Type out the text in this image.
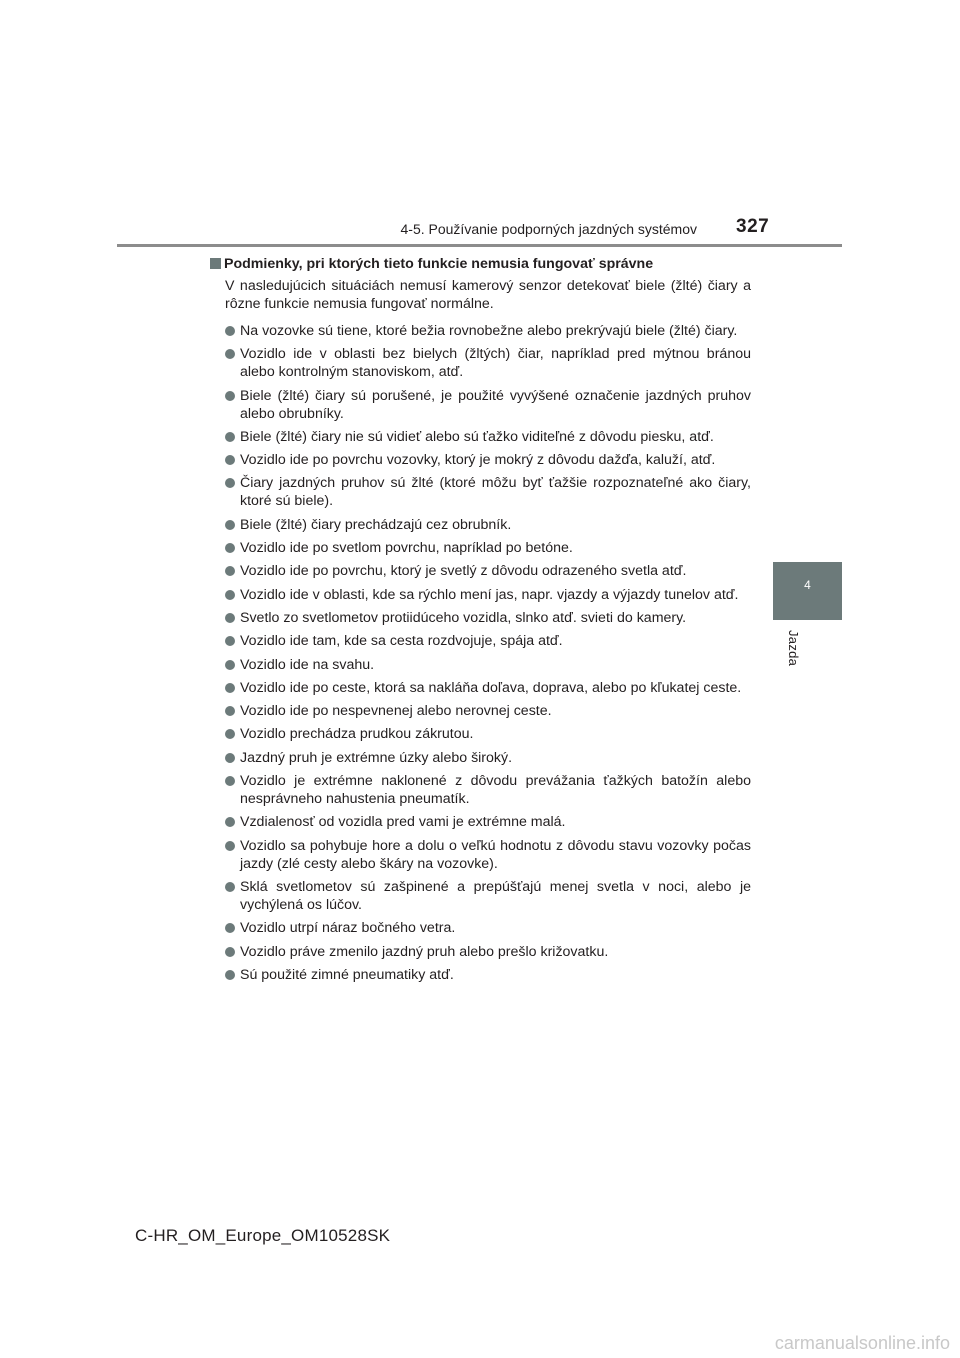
4-5. Používanie podporných jazdných systémov 327
4
Jazda
Podmienky, pri ktorých tieto funkcie nemusia fungovať správne

V nasledujúcich situáciách nemusí kamerový senzor detekovať biele (žlté) čiary a rôzne funkcie nemusia fungovať normálne.

Na vozovke sú tiene, ktoré bežia rovnobežne alebo prekrývajú biele (žlté) čiary.
Vozidlo ide v oblasti bez bielych (žltých) čiar, napríklad pred mýtnou bránou alebo kontrolným stanoviskom, atď.
Biele (žlté) čiary sú porušené, je použité vyvýšené označenie jazdných pruhov alebo obrubníky.
Biele (žlté) čiary nie sú vidieť alebo sú ťažko viditeľné z dôvodu piesku, atď.
Vozidlo ide po povrchu vozovky, ktorý je mokrý z dôvodu dažďa, kaluží, atď.
Čiary jazdných pruhov sú žlté (ktoré môžu byť ťažšie rozpoznateľné ako čiary, ktoré sú biele).
Biele (žlté) čiary prechádzajú cez obrubník.
Vozidlo ide po svetlom povrchu, napríklad po betóne.
Vozidlo ide po povrchu, ktorý je svetlý z dôvodu odrazeného svetla atď.
Vozidlo ide v oblasti, kde sa rýchlo mení jas, napr. vjazdy a výjazdy tunelov atď.
Svetlo zo svetlometov protiidúceho vozidla, slnko atď. svieti do kamery.
Vozidlo ide tam, kde sa cesta rozdvojuje, spája atď.
Vozidlo ide na svahu.
Vozidlo ide po ceste, ktorá sa nakláňa doľava, doprava, alebo po kľukatej ceste.
Vozidlo ide po nespevnenej alebo nerovnej ceste.
Vozidlo prechádza prudkou zákrutou.
Jazdný pruh je extrémne úzky alebo široký.
Vozidlo je extrémne naklonené z dôvodu prevážania ťažkých batožín alebo nesprávneho nahustenia pneumatík.
Vzdialenosť od vozidla pred vami je extrémne malá.
Vozidlo sa pohybuje hore a dolu o veľkú hodnotu z dôvodu stavu vozovky počas jazdy (zlé cesty alebo škáry na vozovke).
Sklá svetlometov sú zašpinené a prepúšťajú menej svetla v noci, alebo je vychýlená os lúčov.
Vozidlo utrpí náraz bočného vetra.
Vozidlo práve zmenilo jazdný pruh alebo prešlo križovatku.
Sú použité zimné pneumatiky atď.
C-HR_OM_Europe_OM10528SK
carmanualsonline.info
